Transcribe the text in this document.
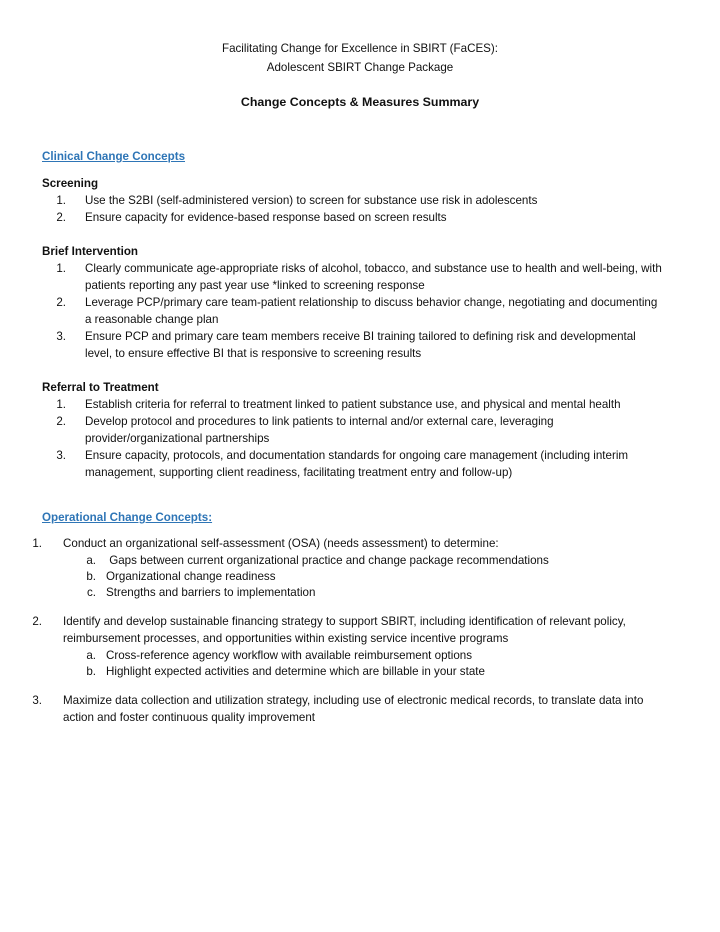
Facilitating Change for Excellence in SBIRT (FaCES):
Adolescent SBIRT Change Package
Change Concepts & Measures Summary
Clinical Change Concepts
Screening
1. Use the S2BI (self-administered version) to screen for substance use risk in adolescents
2. Ensure capacity for evidence-based response based on screen results
Brief Intervention
1. Clearly communicate age-appropriate risks of alcohol, tobacco, and substance use to health and well-being, with
patients reporting any past year use *linked to screening response
2. Leverage PCP/primary care team-patient relationship to discuss behavior change, negotiating and documenting
a reasonable change plan
3. Ensure PCP and primary care team members receive BI training tailored to defining risk and developmental
level, to ensure effective BI that is responsive to screening results
Referral to Treatment
1. Establish criteria for referral to treatment linked to patient substance use, and physical and mental health
2. Develop protocol and procedures to link patients to internal and/or external care, leveraging
provider/organizational partnerships
3. Ensure capacity, protocols, and documentation standards for ongoing care management (including interim
management, supporting client readiness, facilitating treatment entry and follow-up)
Operational Change Concepts:
1. Conduct an organizational self-assessment (OSA) (needs assessment) to determine:
a. Gaps between current organizational practice and change package recommendations
b. Organizational change readiness
c. Strengths and barriers to implementation
2. Identify and develop sustainable financing strategy to support SBIRT, including identification of relevant policy,
reimbursement processes, and opportunities within existing service incentive programs
a. Cross-reference agency workflow with available reimbursement options
b. Highlight expected activities and determine which are billable in your state
3. Maximize data collection and utilization strategy, including use of electronic medical records, to translate data into
action and foster continuous quality improvement
